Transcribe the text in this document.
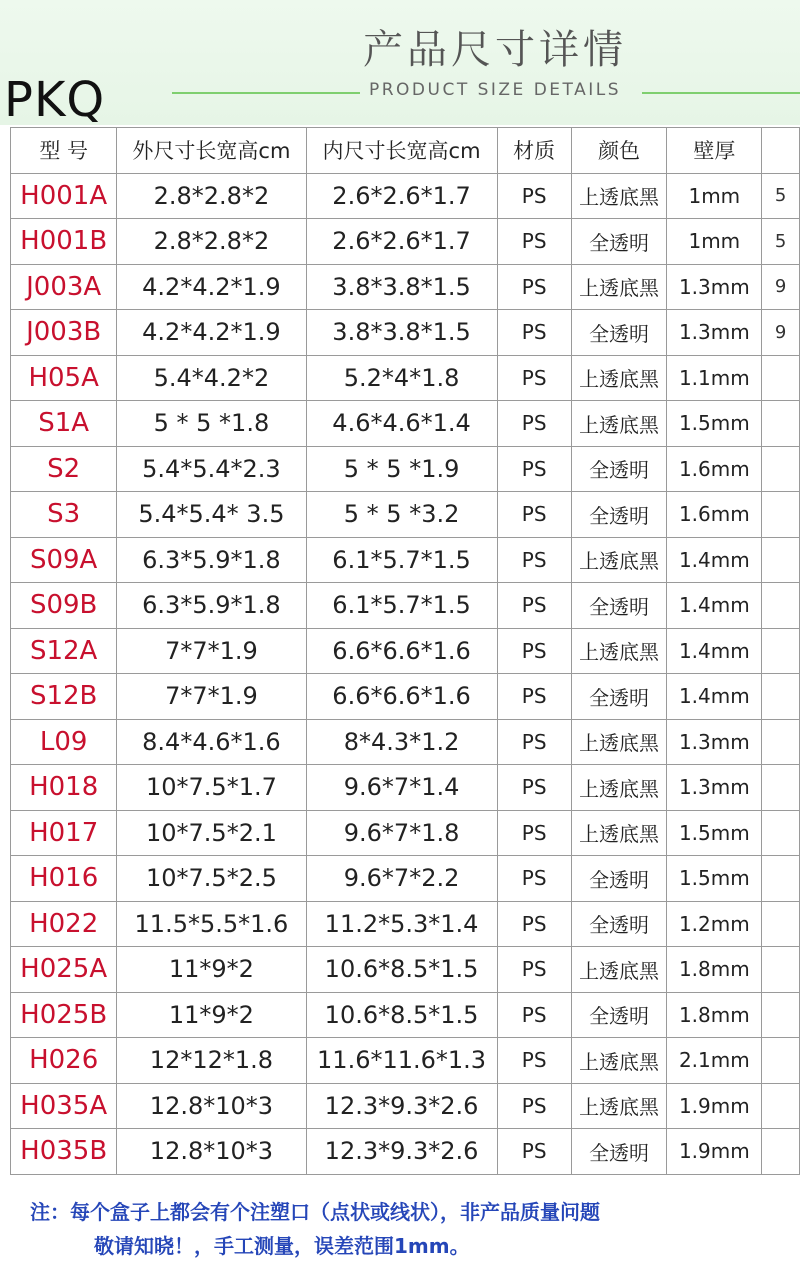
产品尺寸详情
PRODUCT SIZE DETAILS
PKQ
型 号	外尺寸长宽高cm	内尺寸长宽高cm	材质	颜色	壁厚	
H001A	2.8*2.8*2	2.6*2.6*1.7	PS	上透底黑	1mm	5
H001B	2.8*2.8*2	2.6*2.6*1.7	PS	全透明	1mm	5
J003A	4.2*4.2*1.9	3.8*3.8*1.5	PS	上透底黑	1.3mm	9
J003B	4.2*4.2*1.9	3.8*3.8*1.5	PS	全透明	1.3mm	9
H05A	5.4*4.2*2	5.2*4*1.8	PS	上透底黑	1.1mm	
S1A	5 * 5 *1.8	4.6*4.6*1.4	PS	上透底黑	1.5mm	
S2	5.4*5.4*2.3	5 * 5 *1.9	PS	全透明	1.6mm	
S3	5.4*5.4* 3.5	5 * 5 *3.2	PS	全透明	1.6mm	
S09A	6.3*5.9*1.8	6.1*5.7*1.5	PS	上透底黑	1.4mm	
S09B	6.3*5.9*1.8	6.1*5.7*1.5	PS	全透明	1.4mm	
S12A	7*7*1.9	6.6*6.6*1.6	PS	上透底黑	1.4mm	
S12B	7*7*1.9	6.6*6.6*1.6	PS	全透明	1.4mm	
L09	8.4*4.6*1.6	8*4.3*1.2	PS	上透底黑	1.3mm	
H018	10*7.5*1.7	9.6*7*1.4	PS	上透底黑	1.3mm	
H017	10*7.5*2.1	9.6*7*1.8	PS	上透底黑	1.5mm	
H016	10*7.5*2.5	9.6*7*2.2	PS	全透明	1.5mm	
H022	11.5*5.5*1.6	11.2*5.3*1.4	PS	全透明	1.2mm	
H025A	11*9*2	10.6*8.5*1.5	PS	上透底黑	1.8mm	
H025B	11*9*2	10.6*8.5*1.5	PS	全透明	1.8mm	
H026	12*12*1.8	11.6*11.6*1.3	PS	上透底黑	2.1mm	
H035A	12.8*10*3	12.3*9.3*2.6	PS	上透底黑	1.9mm	
H035B	12.8*10*3	12.3*9.3*2.6	PS	全透明	1.9mm	
注：每个盒子上都会有个注塑口（点状或线状），非产品质量问题
敬请知晓！，手工测量，误差范围1mm。
